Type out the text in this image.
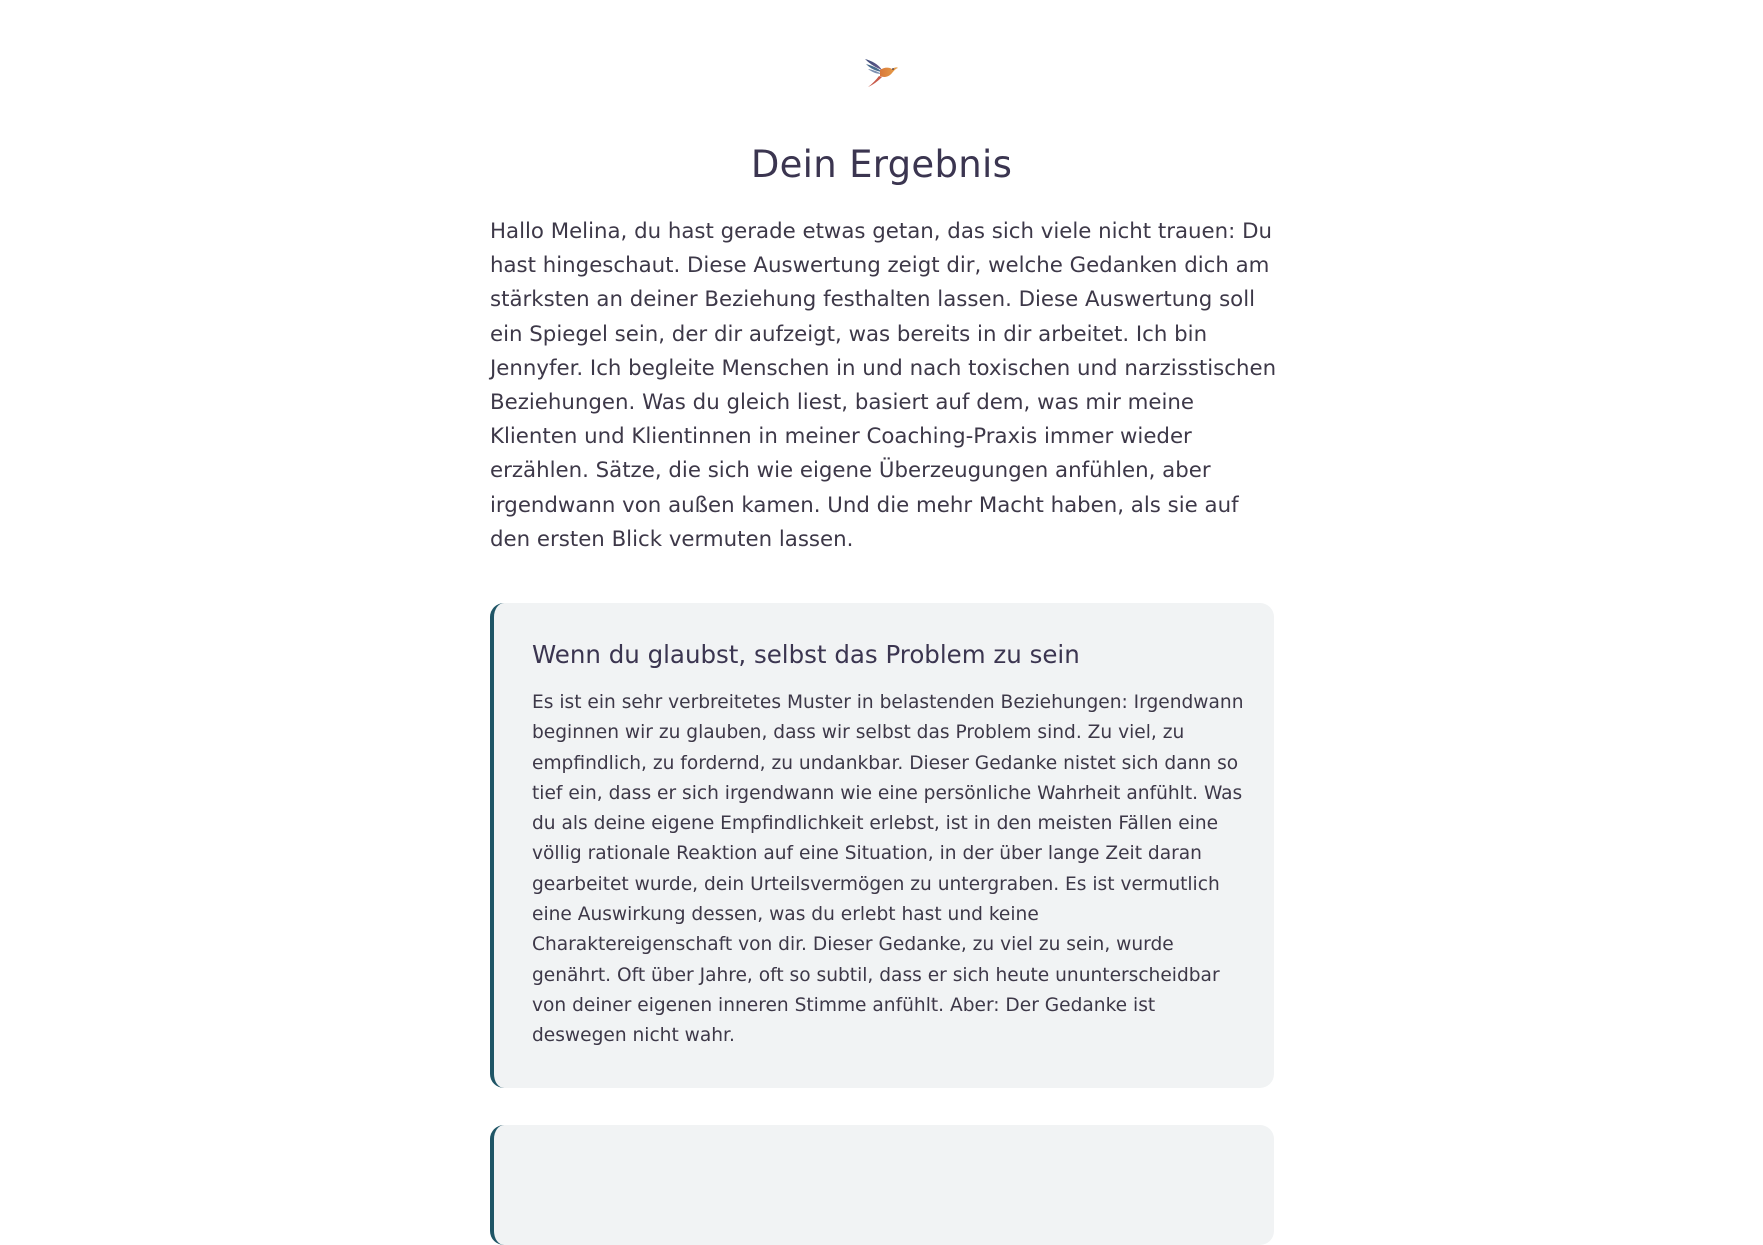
Dein Ergebnis

Hallo Melina, du hast gerade etwas getan, das sich viele nicht trauen: Du hast hingeschaut. Diese Auswertung zeigt dir, welche Gedanken dich am stärksten an deiner Beziehung festhalten lassen. Diese Auswertung soll ein Spiegel sein, der dir aufzeigt, was bereits in dir arbeitet. Ich bin Jennyfer. Ich begleite Menschen in und nach toxischen und narzisstischen Beziehungen. Was du gleich liest, basiert auf dem, was mir meine Klienten und Klientinnen in meiner Coaching-Praxis immer wieder erzählen. Sätze, die sich wie eigene Überzeugungen anfühlen, aber irgendwann von außen kamen. Und die mehr Macht haben, als sie auf den ersten Blick vermuten lassen.

Wenn du glaubst, selbst das Problem zu sein

Es ist ein sehr verbreitetes Muster in belastenden Beziehungen: Irgendwann beginnen wir zu glauben, dass wir selbst das Problem sind. Zu viel, zu empfindlich, zu fordernd, zu undankbar. Dieser Gedanke nistet sich dann so tief ein, dass er sich irgendwann wie eine persönliche Wahrheit anfühlt. Was du als deine eigene Empfindlichkeit erlebst, ist in den meisten Fällen eine völlig rationale Reaktion auf eine Situation, in der über lange Zeit daran gearbeitet wurde, dein Urteilsvermögen zu untergraben. Es ist vermutlich eine Auswirkung dessen, was du erlebt hast und keine Charaktereigenschaft von dir. Dieser Gedanke, zu viel zu sein, wurde genährt. Oft über Jahre, oft so subtil, dass er sich heute ununterscheidbar von deiner eigenen inneren Stimme anfühlt. Aber: Der Gedanke ist deswegen nicht wahr.
